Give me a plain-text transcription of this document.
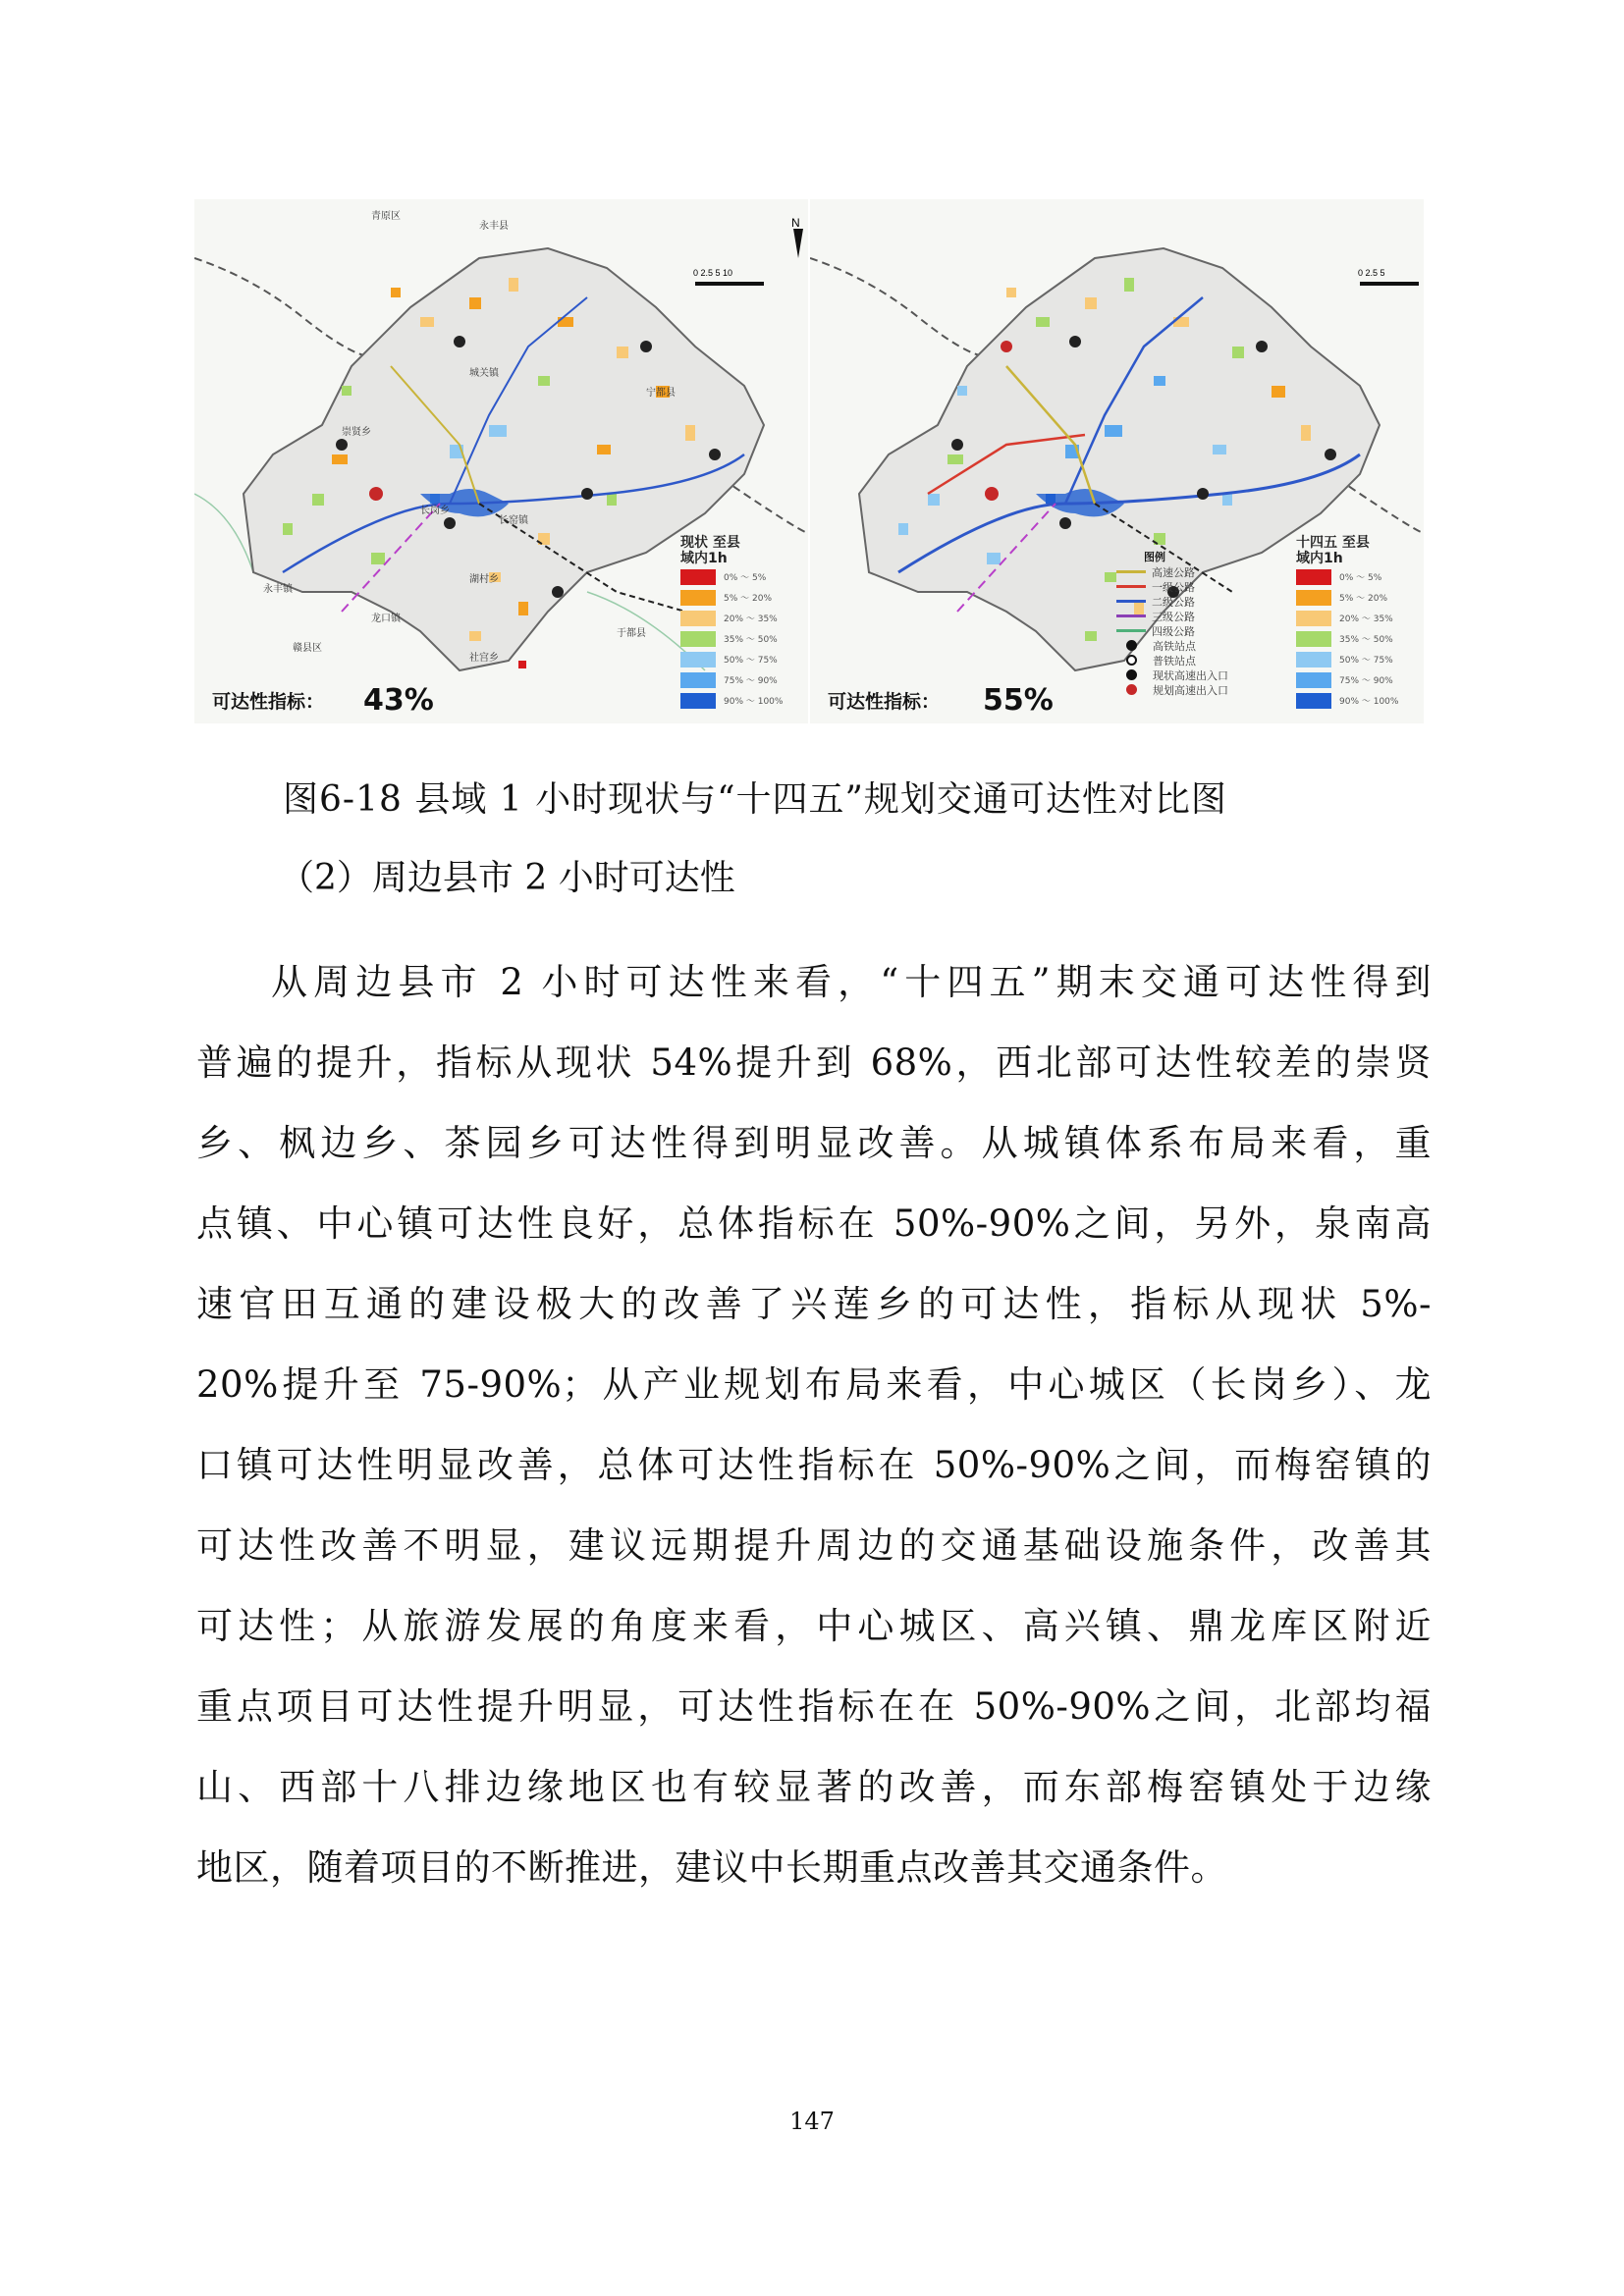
N
0 2.5 5 10
崇贤乡
城关镇
长岗乡
长窑镇
永丰镇
龙口镇
湖村乡
社宫乡
永丰县
宁都县
赣县区
于都县
青原区
现状 至县
域内1h
0% ～ 5%
5% ～ 20%
20% ～ 35%
35% ～ 50%
50% ～ 75%
75% ～ 90%
90% ～ 100%
可达性指标： 43%
0 2.5 5
图例
高速公路
一级公路
二级公路
三级公路
四级公路
高铁站点
普铁站点
现状高速出入口
规划高速出入口
十四五 至县
域内1h
0% ～ 5%
5% ～ 20%
20% ～ 35%
35% ～ 50%
50% ～ 75%
75% ～ 90%
90% ～ 100%
可达性指标： 55%
图6-18 县域 1 小时现状与“十四五”规划交通可达性对比图
（2）周边县市 2 小时可达性
从周边县市 2 小时可达性来看，“十四五”期末交通可达性得到
普遍的提升，指标从现状 54%提升到 68%，西北部可达性较差的崇贤
乡、枫边乡、茶园乡可达性得到明显改善。从城镇体系布局来看，重
点镇、中心镇可达性良好，总体指标在 50%-90%之间，另外，泉南高
速官田互通的建设极大的改善了兴莲乡的可达性，指标从现状 5%-
20%提升至 75-90%；从产业规划布局来看，中心城区（长岗乡）、龙
口镇可达性明显改善，总体可达性指标在 50%-90%之间，而梅窑镇的
可达性改善不明显，建议远期提升周边的交通基础设施条件，改善其
可达性；从旅游发展的角度来看，中心城区、高兴镇、鼎龙库区附近
重点项目可达性提升明显，可达性指标在在 50%-90%之间，北部均福
山、西部十八排边缘地区也有较显著的改善，而东部梅窑镇处于边缘
地区，随着项目的不断推进，建议中长期重点改善其交通条件。
147
